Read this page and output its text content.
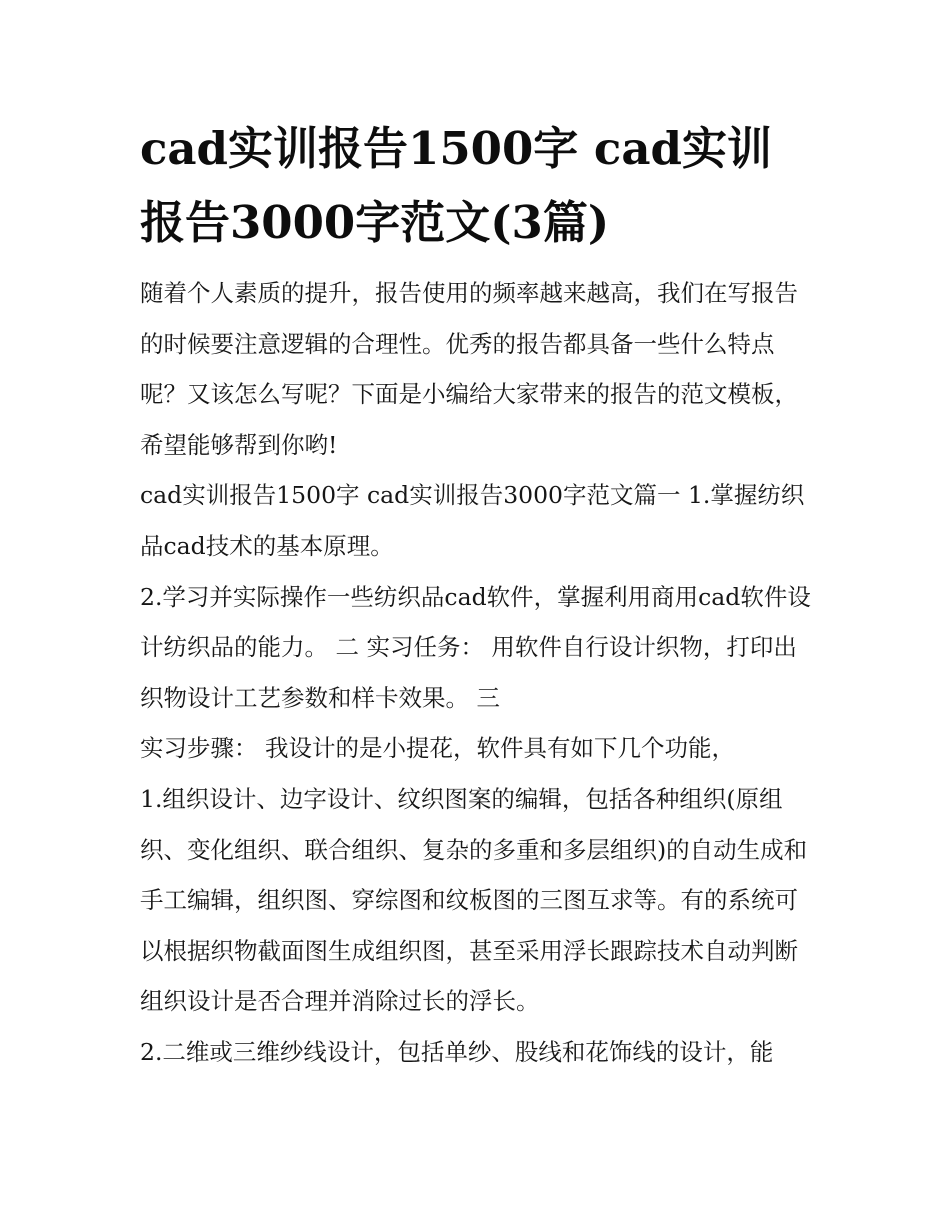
cad实训报告1500字 cad实训报告3000字范文(3篇)

随着个人素质的提升，报告使用的频率越来越高，我们在写报告的时候要注意逻辑的合理性。优秀的报告都具备一些什么特点呢？又该怎么写呢？下面是小编给大家带来的报告的范文模板，希望能够帮到你哟!

cad实训报告1500字 cad实训报告3000字范文篇一 1.掌握纺织品cad技术的基本原理。

2.学习并实际操作一些纺织品cad软件，掌握利用商用cad软件设计纺织品的能力。 二 实习任务： 用软件自行设计织物，打印出织物设计工艺参数和样卡效果。 三

实习步骤： 我设计的是小提花，软件具有如下几个功能，

1.组织设计、边字设计、纹织图案的编辑，包括各种组织(原组织、变化组织、联合组织、复杂的多重和多层组织)的自动生成和手工编辑，组织图、穿综图和纹板图的三图互求等。有的系统可以根据织物截面图生成组织图，甚至采用浮长跟踪技术自动判断组织设计是否合理并消除过长的浮长。

2.二维或三维纱线设计，包括单纱、股线和花饰线的设计，能
